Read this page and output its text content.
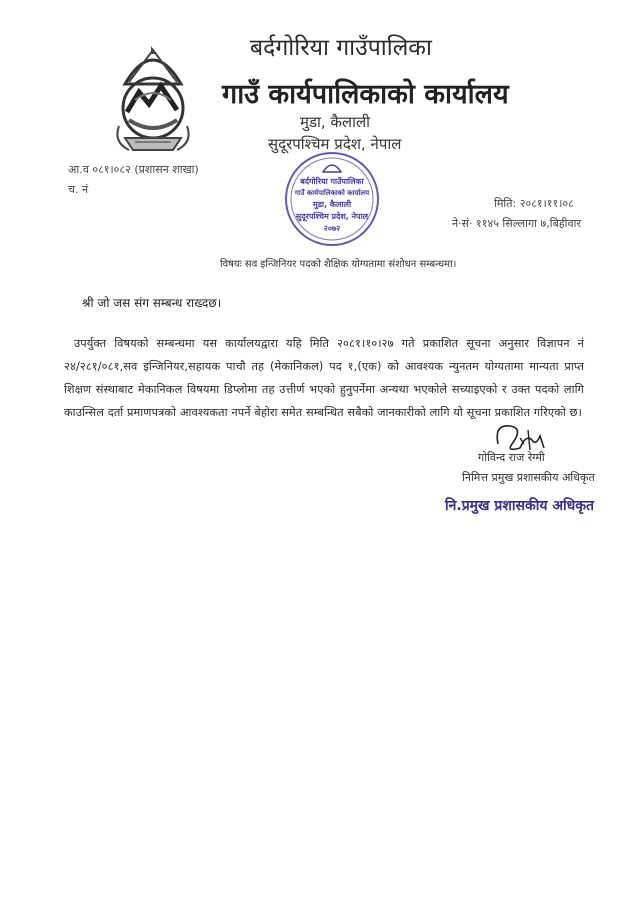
बर्दगोरिया गाउँपालिका
गाउँ कार्यपालिकाको कार्यालय
मुडा, कैलाली
सुदूरपश्चिम प्रदेश, नेपाल
आ.व ०८१।०८२ (प्रशासन शाखा)
च. नं
बर्दगोरिया गाउँपालिका
गाउँ कार्यपालिकाको कार्यालय
मुडा, कैलाली
सुदूरपश्चिम प्रदेश, नेपाल
२०७२
मिति: २०८१।११।०८
ने·सं· ११४५ सिल्लागा ७,बिहीवार
विषयः सव इन्जिनियर पदको शैक्षिक योग्यतामा संशोधन सम्बन्धमा।
श्री जो जस संग सम्बन्ध राख्दछ।
उपर्युक्त विषयको सम्बन्धमा यस कार्यालयद्वारा यहि मिति २०८१।१०।२७ गते प्रकाशित सूचना अनुसार विज्ञापन नं २४/२८१/०८१,सव इन्जिनियर,सहायक पाचौ तह (मेकानिकल) पद १,(एक) को आवश्यक न्युनतम योग्यतामा मान्यता प्राप्त शिक्षण संस्थाबाट मेकानिकल विषयमा डिप्लोमा तह उत्तीर्ण भएको हुनुपर्नेमा अन्यथा भएकोले सच्याइएको र उक्त पदको लागि काउन्सिल दर्ता प्रमाणपत्रको आवश्यकता नपर्ने बेहोरा समेत सम्बन्धित सबैको जानकारीको लागि यो सूचना प्रकाशित गरिएको छ।
गोविन्द राज रेग्मी
निमित्त प्रमुख प्रशासकीय अधिकृत
नि.प्रमुख प्रशासकीय अधिकृत
